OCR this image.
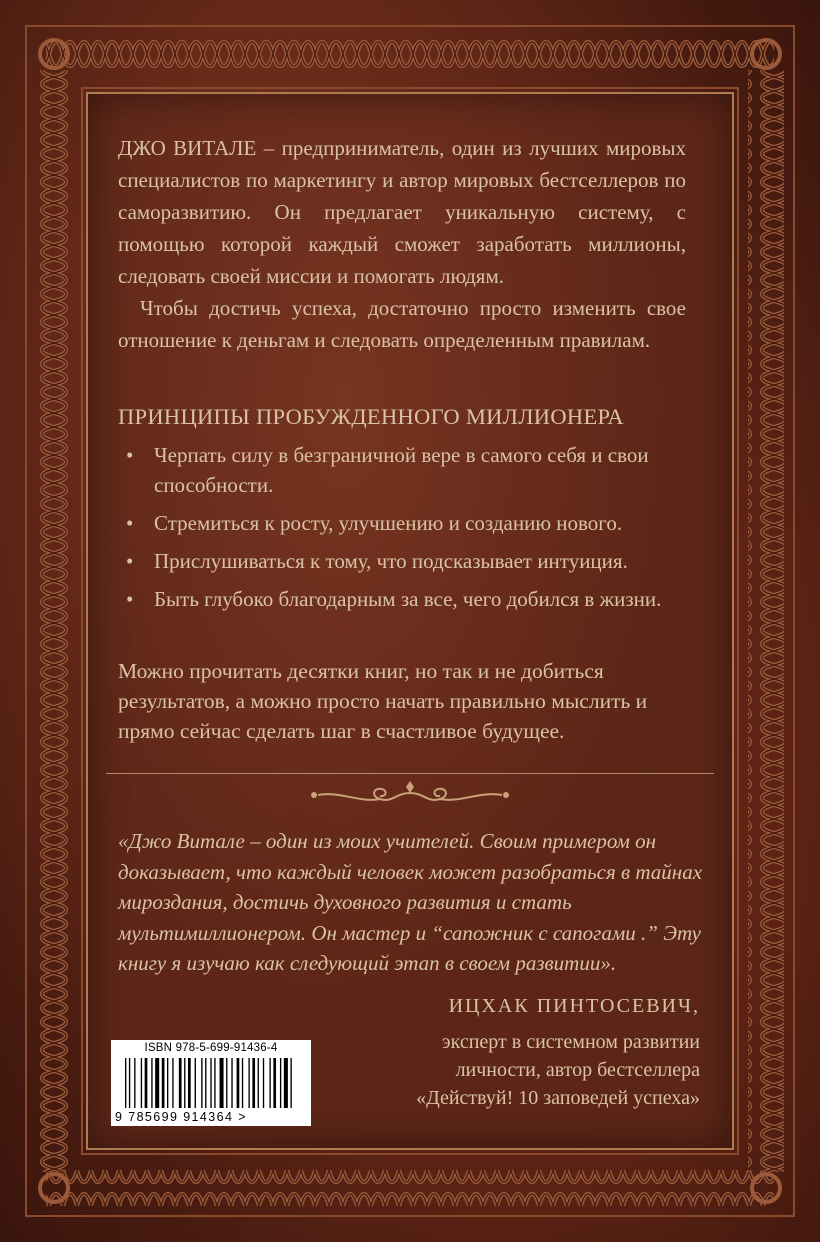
ДЖО ВИТАЛЕ – предприниматель, один из лучших мировых специалистов по маркетингу и автор мировых бестселлеров по саморазвитию. Он предлагает уникальную систему, с помощью которой каждый сможет заработать миллионы, следовать своей миссии и помогать людям.

Чтобы достичь успеха, достаточно просто изменить свое отношение к деньгам и следовать определенным правилам.

ПРИНЦИПЫ ПРОБУЖДЕННОГО МИЛЛИОНЕРА
• Черпать силу в безграничной вере в самого себя и свои способности.
• Стремиться к росту, улучшению и созданию нового.
• Прислушиваться к тому, что подсказывает интуиция.
• Быть глубоко благодарным за все, чего добился в жизни.
Можно прочитать десятки книг, но так и не добиться результатов, а можно просто начать правильно мыслить и прямо сейчас сделать шаг в счастливое будущее.
«Джо Витале – один из моих учителей. Своим примером он доказывает, что каждый человек может разобраться в тайнах мироздания, достичь духовного развития и стать мультимиллионером. Он мастер и “сапожник с сапогами .” Эту книгу я изучаю как следующий этап в своем развитии».
ИЦХАК ПИНТОСЕВИЧ,
эксперт в системном развитии
личности, автор бестселлера
«Действуй! 10 заповедей успеха»
ISBN 978-5-699-91436-4
9 785699 914364 >
